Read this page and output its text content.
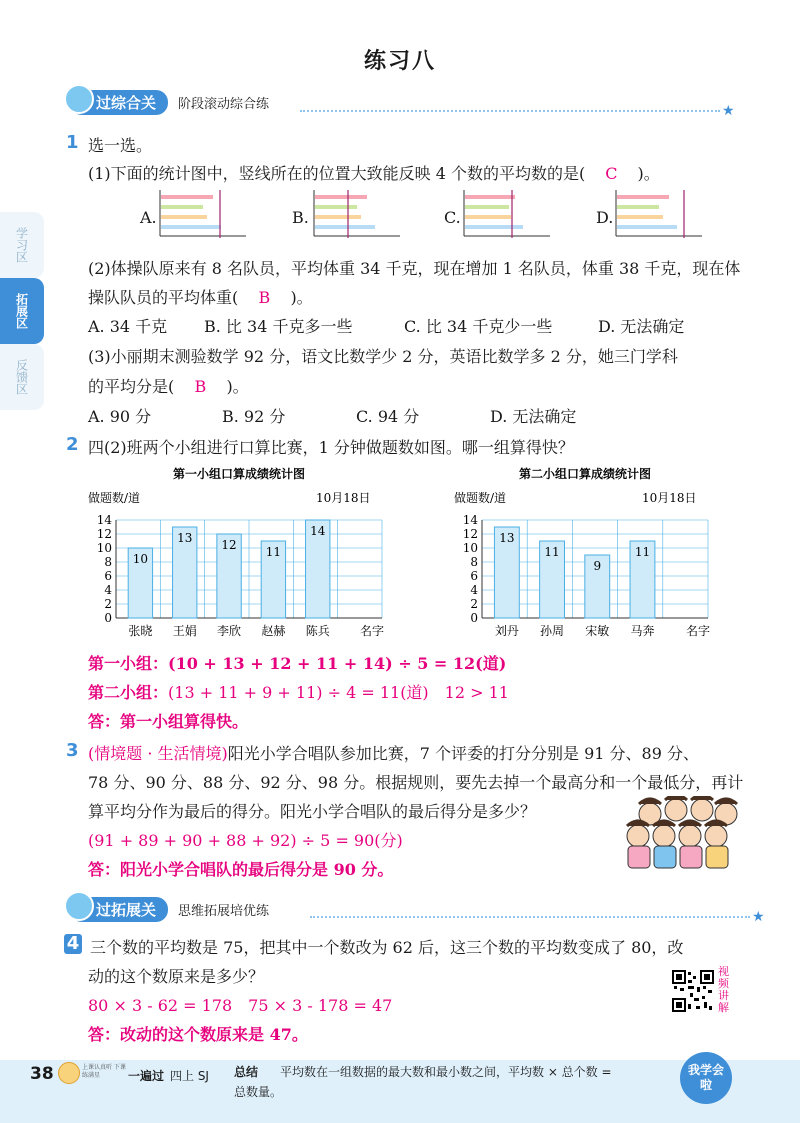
练习八
学习区
拓展区
反馈区
过综合关	阶段滚动综合练	★
1 选一选。
(1)下面的统计图中，竖线所在的位置大致能反映 4 个数的平均数的是( C )。
A.	B.	C.	D.
(2)体操队原来有 8 名队员，平均体重 34 千克，现在增加 1 名队员，体重 38 千克，现在体
操队队员的平均体重( B )。
A. 34 千克 B. 比 34 千克多一些	C. 比 34 千克少一些	D. 无法确定
(3)小丽期末测验数学 92 分，语文比数学少 2 分，英语比数学多 2 分，她三门学科
的平均分是( B )。
A. 90 分	B. 92 分	C. 94 分	D. 无法确定
2 四(2)班两个小组进行口算比赛，1 分钟做题数如图。哪一组算得快？
第一小组口算成绩统计图
做题数/道	10月18日
0
2
4
6
8
10
12
14
10
张晓
13
王娟
12
李欣
11
赵赫
14
陈兵	名字
第二小组口算成绩统计图
做题数/道	10月18日
0
2
4
6
8
10
12
14
13
刘丹
11
孙周
9
宋敏
11
马奔	名字
第一小组：(10 + 13 + 12 + 11 + 14) ÷ 5 = 12(道)
第二小组：(13 + 11 + 9 + 11) ÷ 4 = 11(道)　12 > 11
答：第一小组算得快。
3 (情境题 · 生活情境)阳光小学合唱队参加比赛，7 个评委的打分分别是 91 分、89 分、
78 分、90 分、88 分、92 分、98 分。根据规则，要先去掉一个最高分和一个最低分，再计
算平均分作为最后的得分。阳光小学合唱队的最后得分是多少？
(91 + 89 + 90 + 88 + 92) ÷ 5 = 90(分)
答：阳光小学合唱队的最后得分是 90 分。
过拓展关	思维拓展培优练	★
4 三个数的平均数是 75，把其中一个数改为 62 后，这三个数的平均数变成了 80，改
动的这个数原来是多少？
80 × 3 - 62 = 178　75 × 3 - 178 = 47
答：改动的这个数原来是 47。
视频讲解
38	上课认真听 下课练满星	一遍过 四上 SJ 总结 平均数在一组数据的最大数和最小数之间，平均数 × 总个数 =
总数量。
我学会啦
